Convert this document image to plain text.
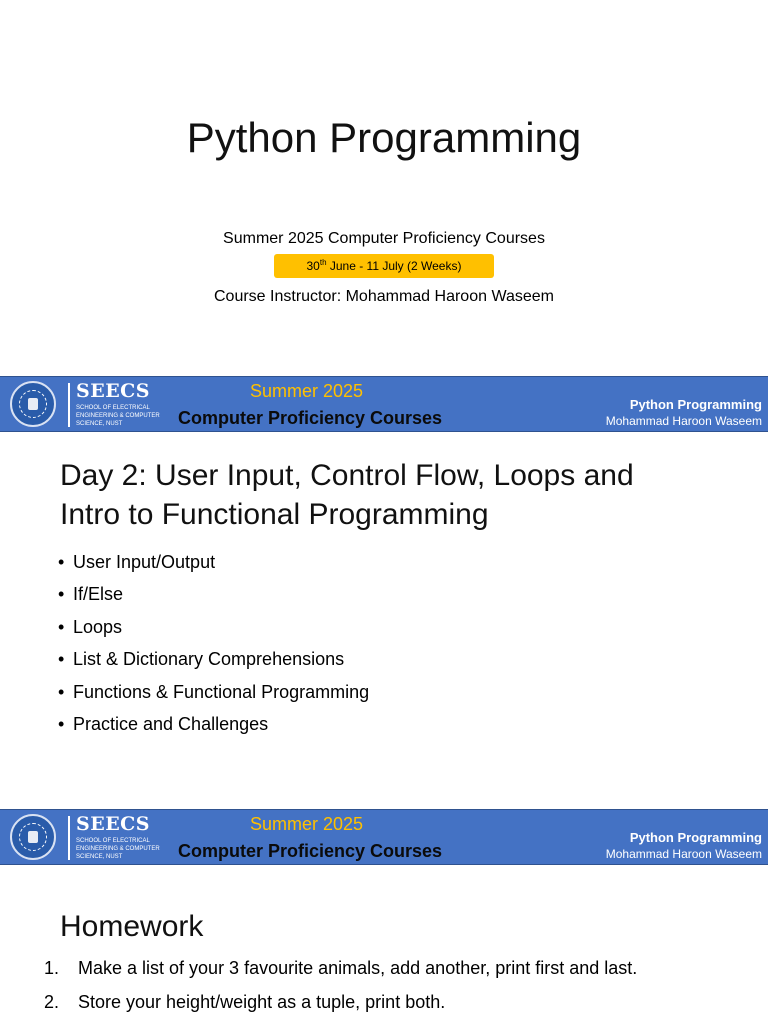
Python Programming
Summer 2025 Computer Proficiency Courses
30th June - 11 July (2 Weeks)
Course Instructor: Mohammad Haroon Waseem
SEECS
SCHOOL OF ELECTRICAL ENGINEERING & COMPUTER SCIENCE, NUST
Summer 2025
Computer Proficiency Courses
Python Programming
Mohammad Haroon Waseem
Day 2: User Input, Control Flow, Loops and Intro to Functional Programming
• User Input/Output
• If/Else
• Loops
• List & Dictionary Comprehensions
• Functions & Functional Programming
• Practice and Challenges
SEECS
SCHOOL OF ELECTRICAL ENGINEERING & COMPUTER SCIENCE, NUST
Summer 2025
Computer Proficiency Courses
Python Programming
Mohammad Haroon Waseem
Homework
1. Make a list of your 3 favourite animals, add another, print first and last.
2. Store your height/weight as a tuple, print both.
